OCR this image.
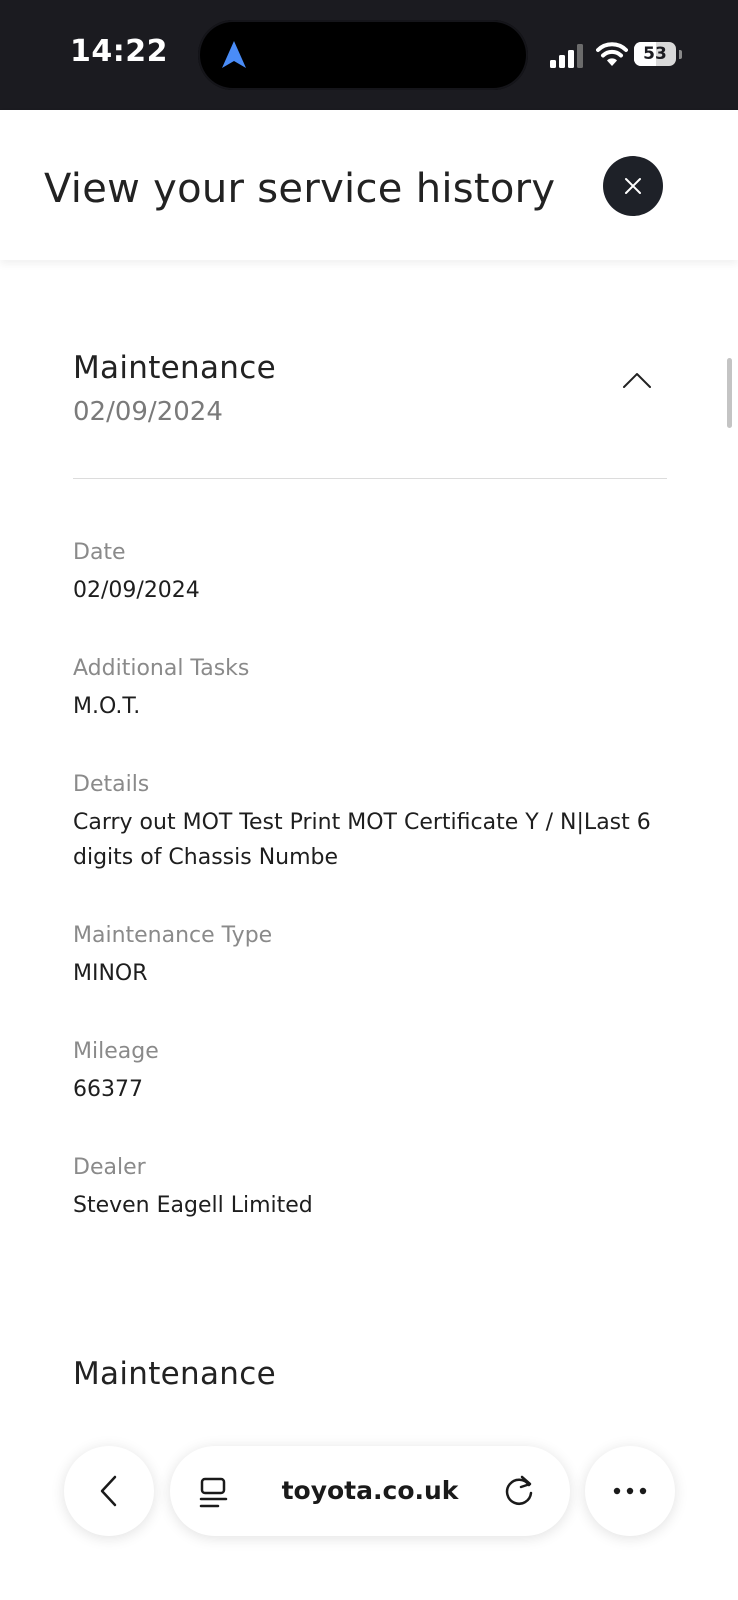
14:22	53
View your service history
Maintenance
02/09/2024
Date
02/09/2024
Additional Tasks
M.O.T.
Details
Carry out MOT Test Print MOT Certificate Y / N|Last 6 digits of Chassis Numbe
Maintenance Type
MINOR
Mileage
66377
Dealer
Steven Eagell Limited
Maintenance
toyota.co.uk
